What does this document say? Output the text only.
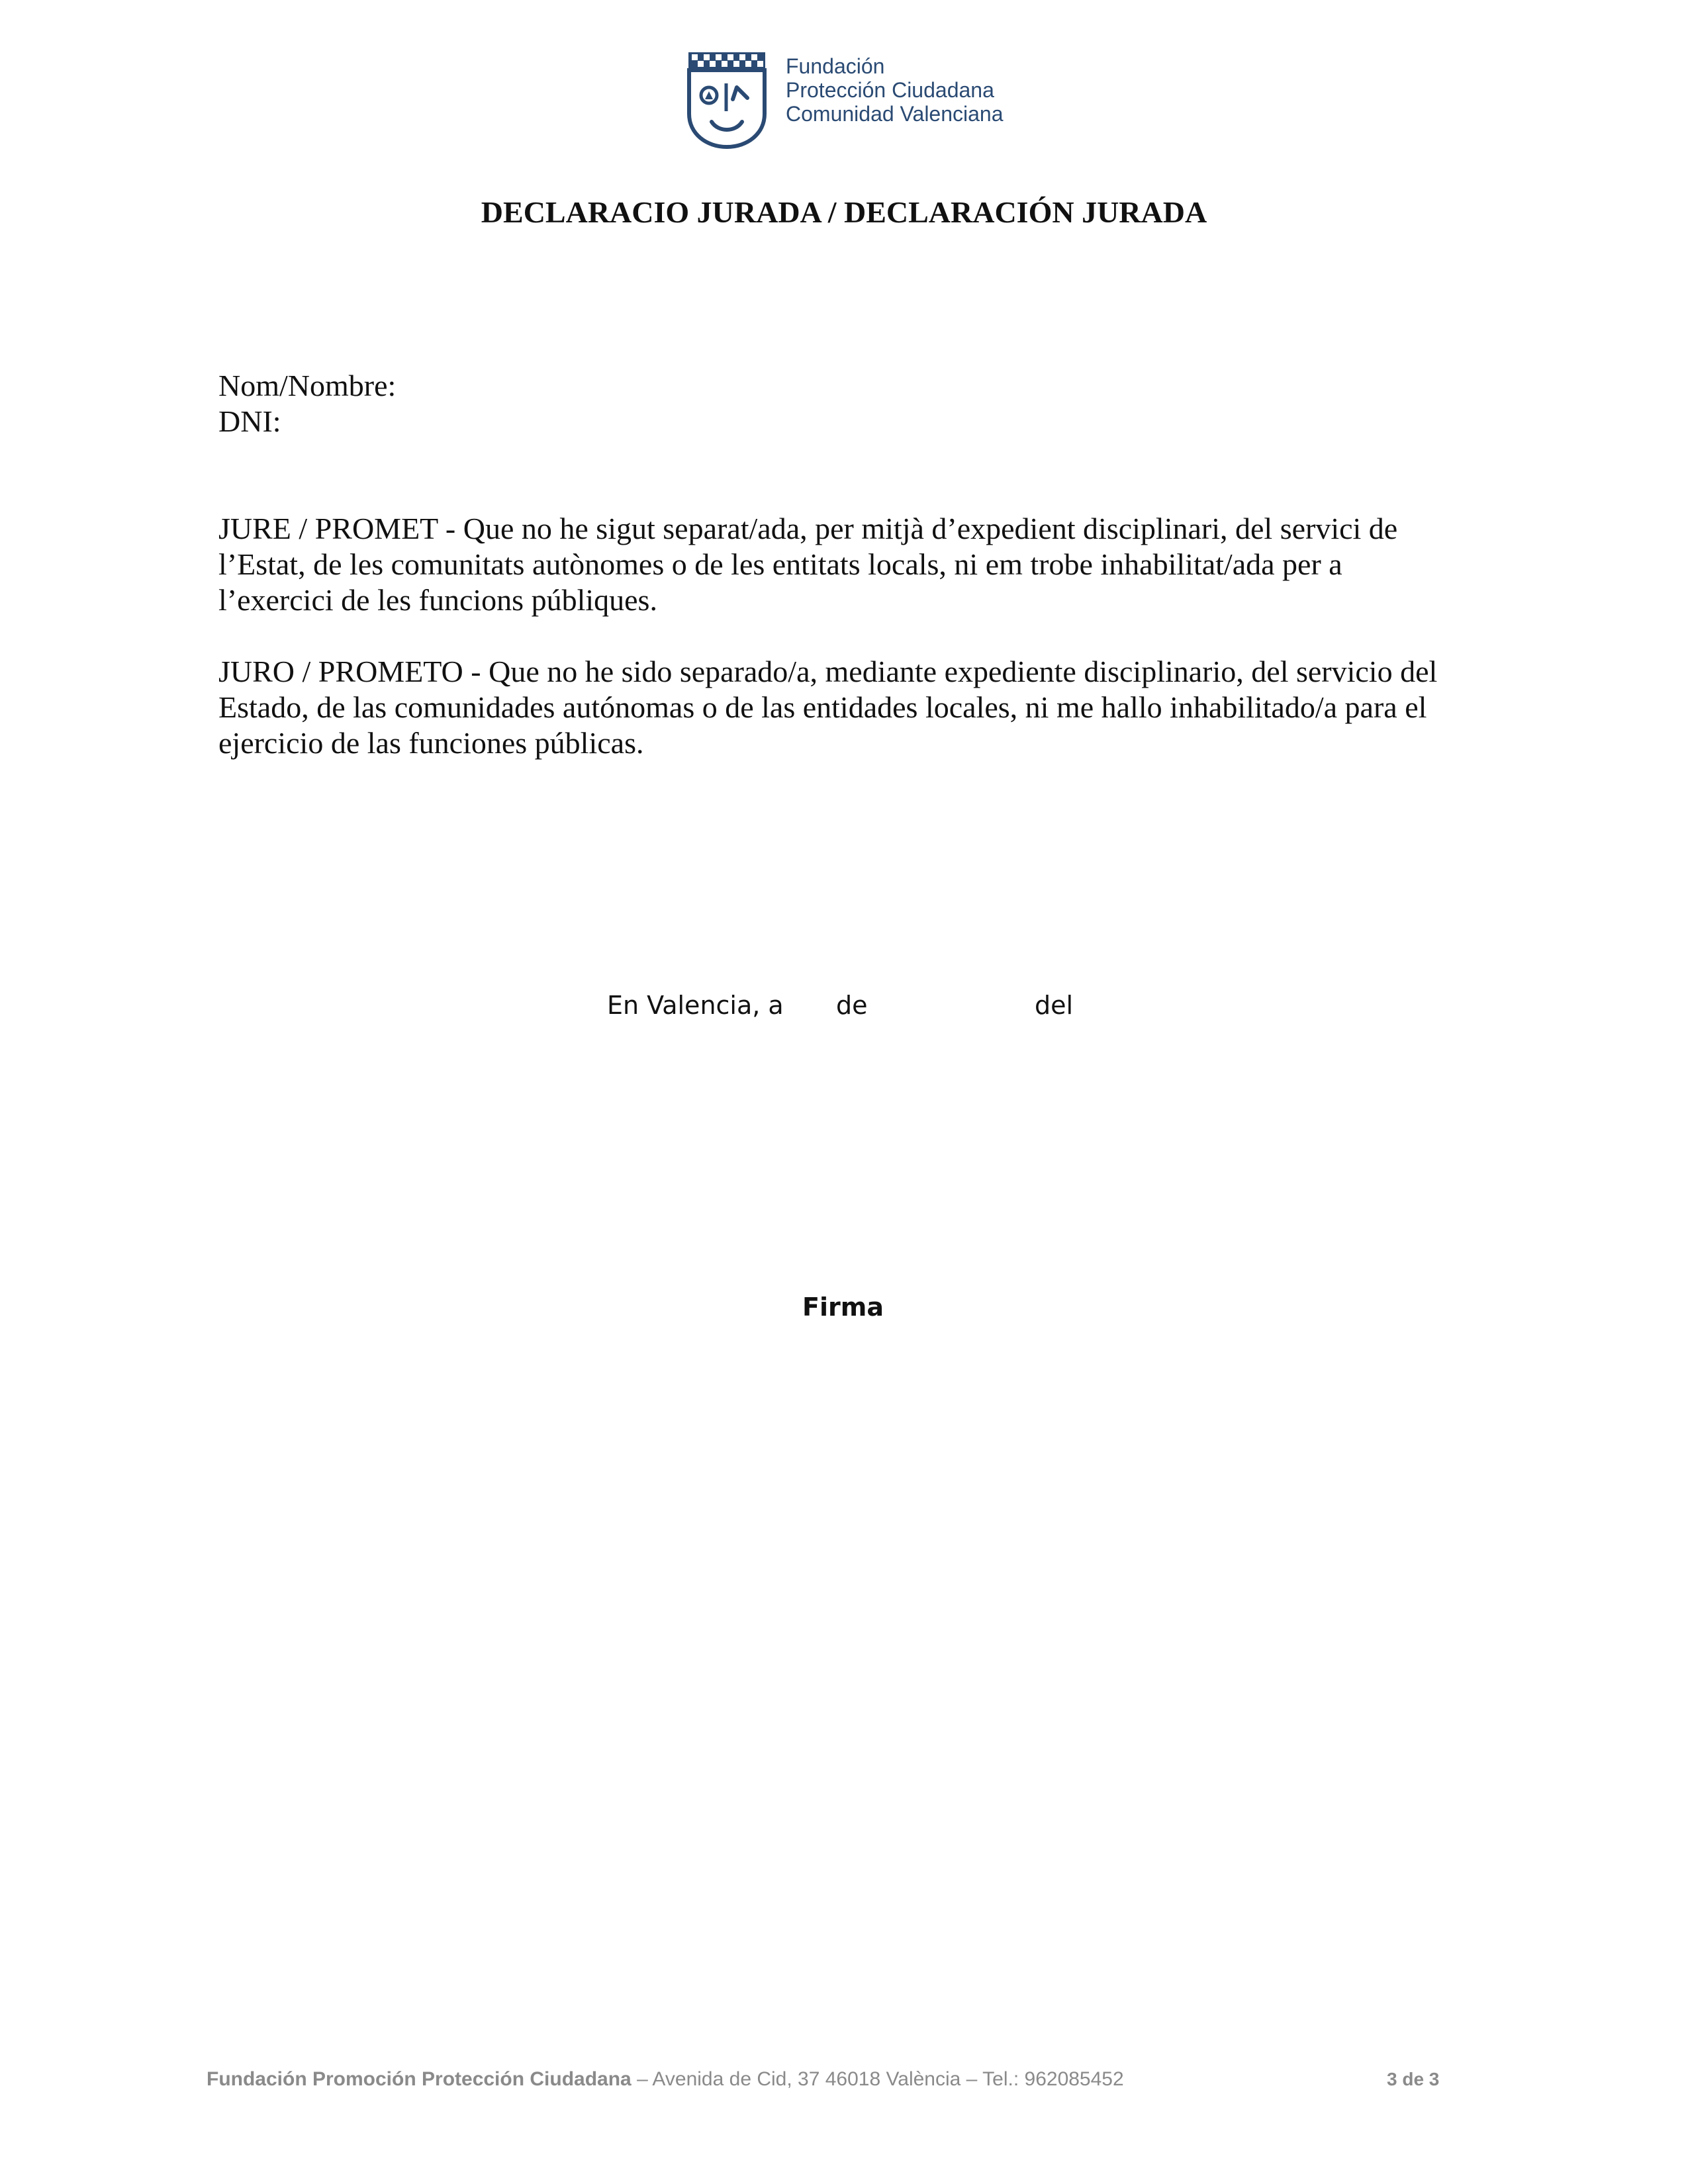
Fundación
Protección Ciudadana
Comunidad Valenciana
DECLARACIO JURADA / DECLARACIÓN JURADA
Nom/Nombre:
DNI:
JURE / PROMET - Que no he sigut separat/ada, per mitjà d’expedient disciplinari, del servici de
l’Estat, de les comunitats autònomes o de les entitats locals, ni em trobe inhabilitat/ada per a
l’exercici de les funcions públiques.
JURO / PROMETO - Que no he sido separado/a, mediante expediente disciplinario, del servicio del
Estado, de las comunidades autónomas o de las entidades locales, ni me hallo inhabilitado/a para el
ejercicio de las funciones públicas.
En Valencia, a de	del
Firma
Fundación Promoción Protección Ciudadana – Avenida de Cid, 37 46018 València – Tel.: 962085452	3 de 3
